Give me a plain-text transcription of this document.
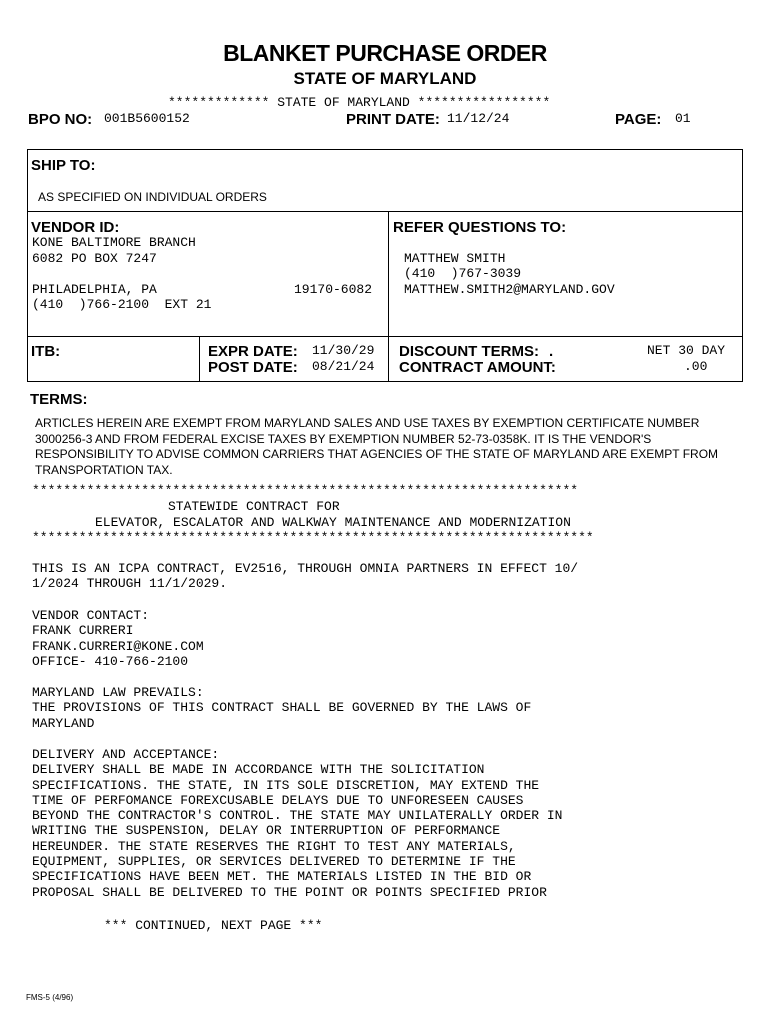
BLANKET PURCHASE ORDER
STATE OF MARYLAND
************* STATE OF MARYLAND *****************
BPO NO: 001B5600152	PRINT DATE: 11/12/24	PAGE: 01
SHIP TO:
AS SPECIFIED ON INDIVIDUAL ORDERS
VENDOR ID:
KONE BALTIMORE BRANCH
6082 PO BOX 7247
PHILADELPHIA, PA	19170-6082
(410  )766-2100  EXT 21
REFER QUESTIONS TO:
MATTHEW SMITH
(410  )767-3039
MATTHEW.SMITH2@MARYLAND.GOV
ITB:	EXPR DATE: 11/30/29
POST DATE: 08/21/24
DISCOUNT TERMS: .	NET 30 DAY
CONTRACT AMOUNT:	.00
TERMS:
ARTICLES HEREIN ARE EXEMPT FROM MARYLAND SALES AND USE TAXES BY EXEMPTION CERTIFICATE NUMBER 3000256-3 AND FROM FEDERAL EXCISE TAXES BY EXEMPTION NUMBER 52-73-0358K. IT IS THE VENDOR'S RESPONSIBILITY TO ADVISE COMMON CARRIERS THAT AGENCIES OF THE STATE OF MARYLAND ARE EXEMPT FROM TRANSPORTATION TAX.
**********************************************************************
STATEWIDE CONTRACT FOR
ELEVATOR, ESCALATOR AND WALKWAY MAINTENANCE AND MODERNIZATION
************************************************************************
THIS IS AN ICPA CONTRACT, EV2516, THROUGH OMNIA PARTNERS IN EFFECT 10/
1/2024 THROUGH 11/1/2029.
VENDOR CONTACT:
FRANK CURRERI
FRANK.CURRERI@KONE.COM
OFFICE- 410-766-2100
MARYLAND LAW PREVAILS:
THE PROVISIONS OF THIS CONTRACT SHALL BE GOVERNED BY THE LAWS OF
MARYLAND
DELIVERY AND ACCEPTANCE:
DELIVERY SHALL BE MADE IN ACCORDANCE WITH THE SOLICITATION
SPECIFICATIONS. THE STATE, IN ITS SOLE DISCRETION, MAY EXTEND THE
TIME OF PERFOMANCE FOREXCUSABLE DELAYS DUE TO UNFORESEEN CAUSES
BEYOND THE CONTRACTOR'S CONTROL. THE STATE MAY UNILATERALLY ORDER IN
WRITING THE SUSPENSION, DELAY OR INTERRUPTION OF PERFORMANCE
HEREUNDER. THE STATE RESERVES THE RIGHT TO TEST ANY MATERIALS,
EQUIPMENT, SUPPLIES, OR SERVICES DELIVERED TO DETERMINE IF THE
SPECIFICATIONS HAVE BEEN MET. THE MATERIALS LISTED IN THE BID OR
PROPOSAL SHALL BE DELIVERED TO THE POINT OR POINTS SPECIFIED PRIOR
*** CONTINUED, NEXT PAGE ***
FMS-5 (4/96)
